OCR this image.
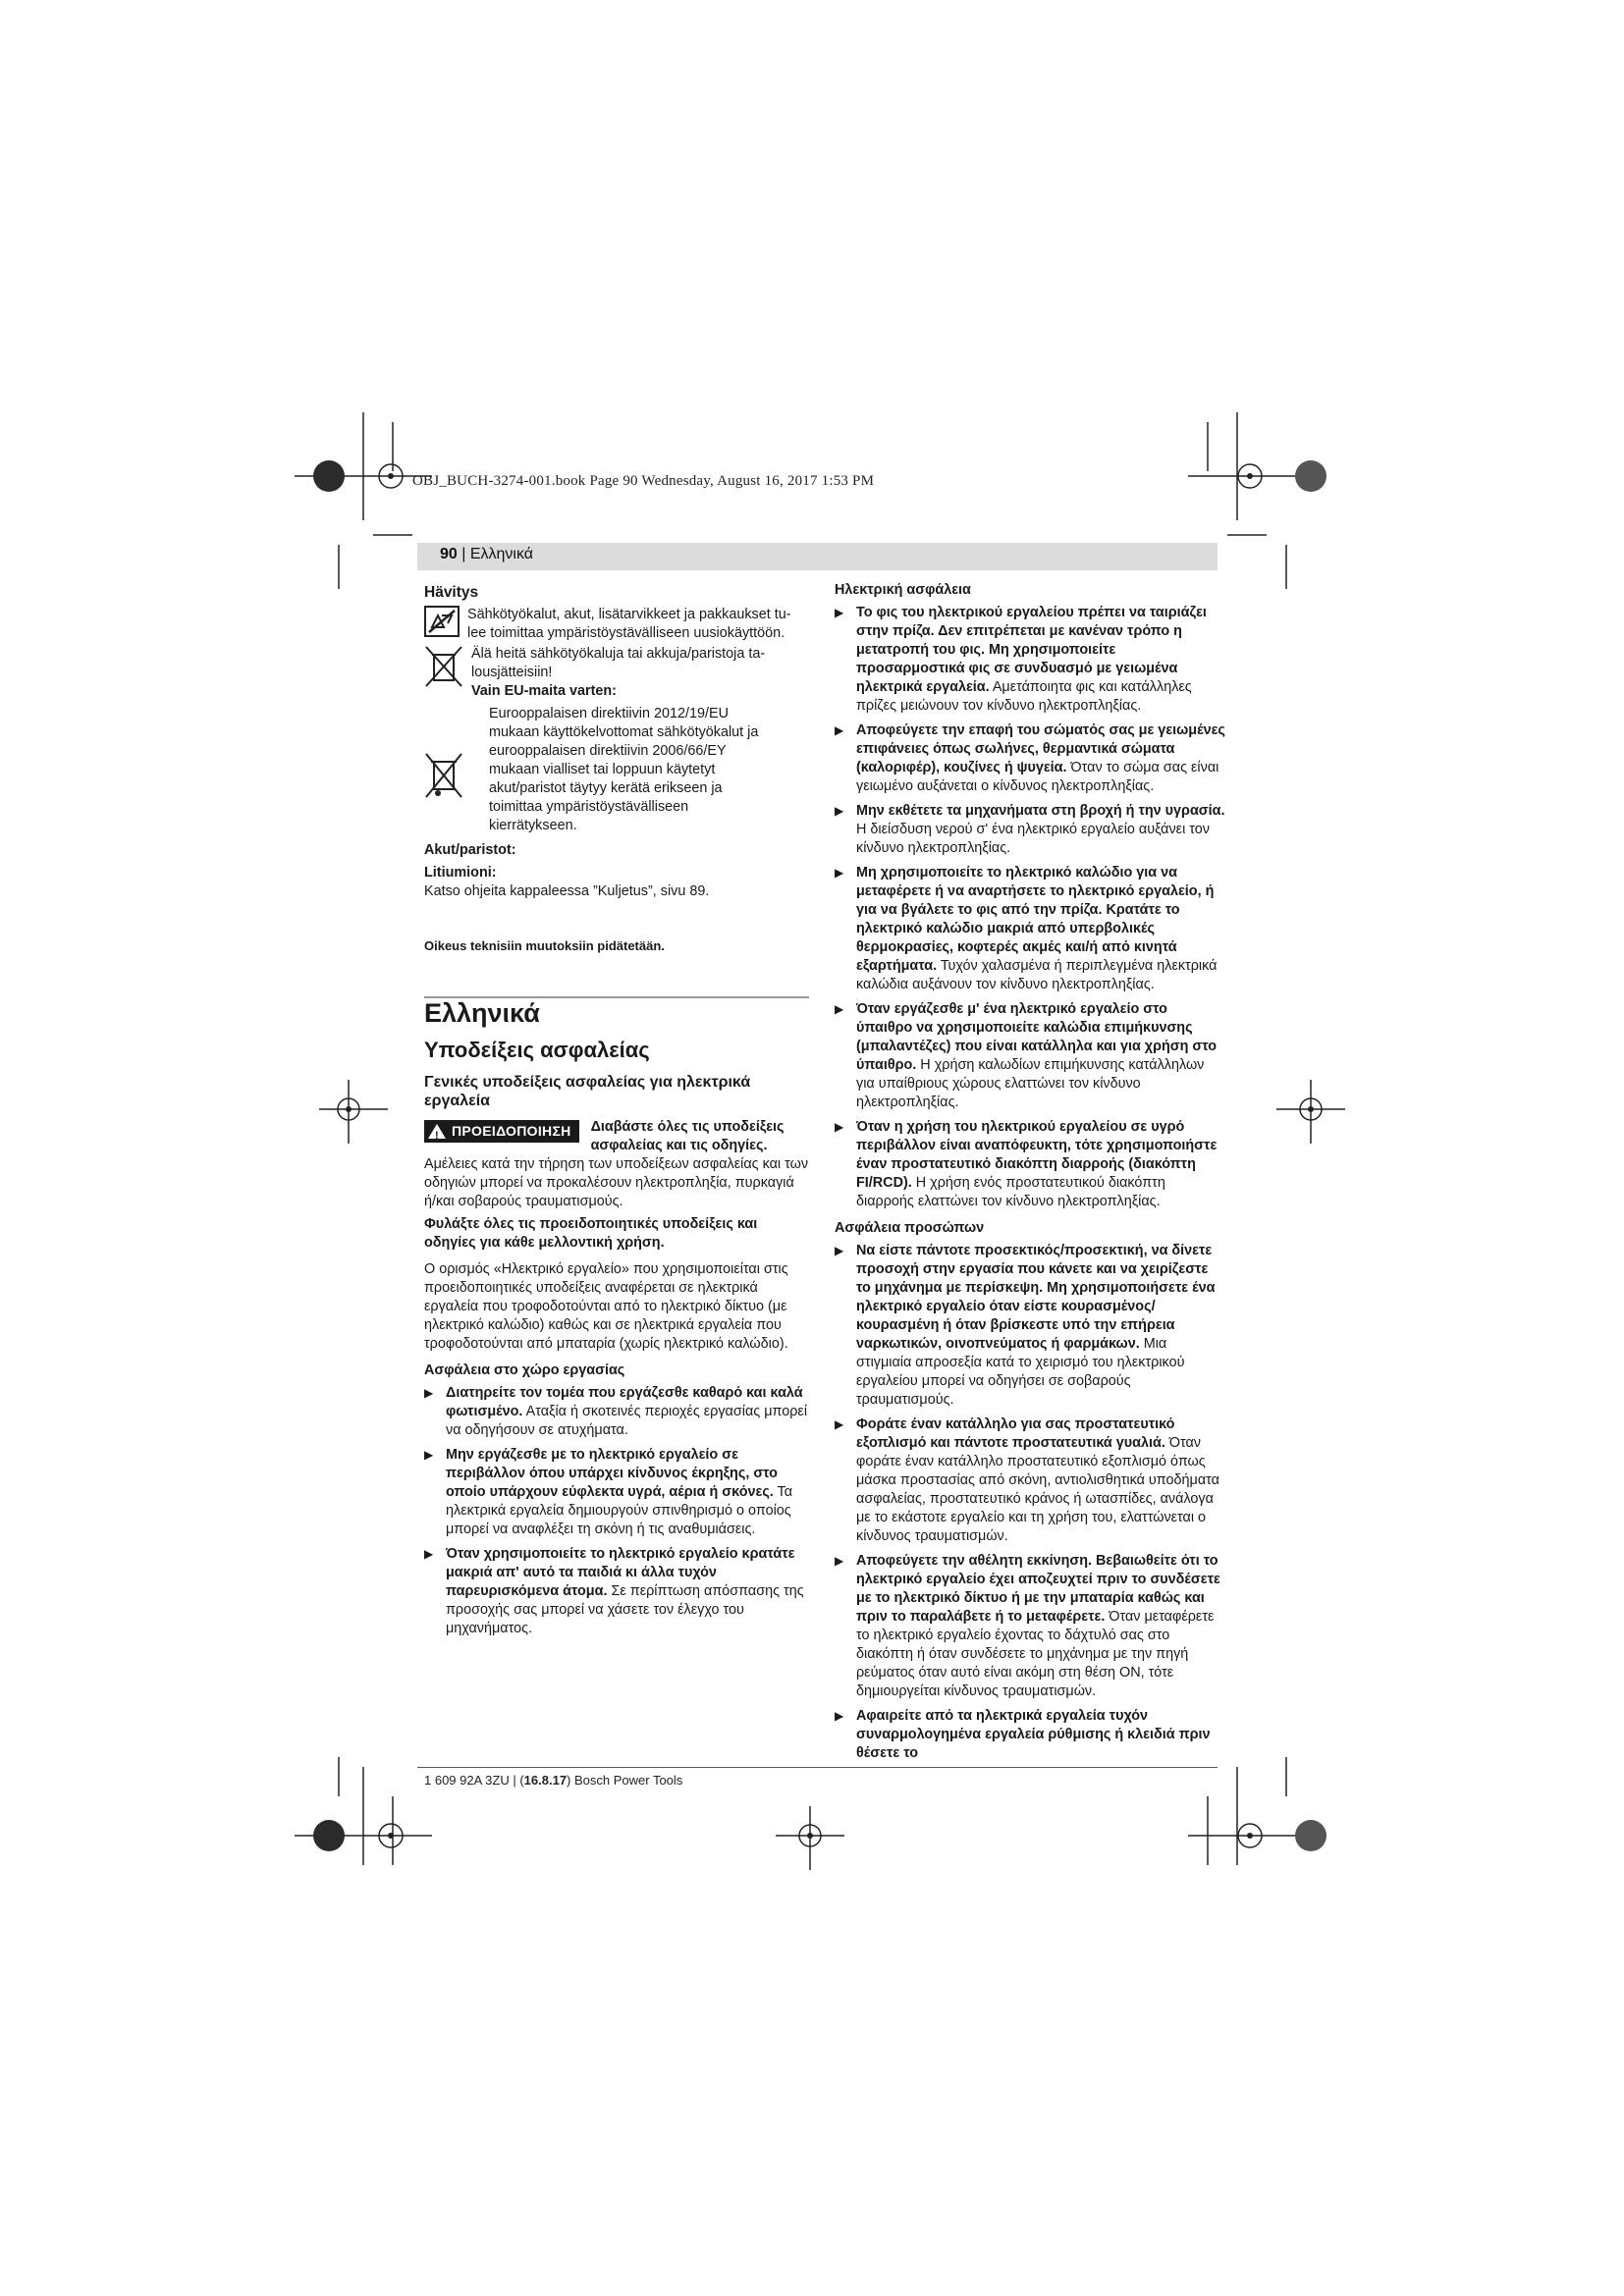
OBJ_BUCH-3274-001.book Page 90 Wednesday, August 16, 2017 1:53 PM
90 | Ελληνικά

Hävitys

Sähkötyökalut, akut, lisätarvikkeet ja pakkaukset tu-lee toimittaa ympäristöystävälliseen uusiokäyttöön.

Älä heitä sähkötyökaluja tai akkuja/paristoja ta-lousjätteisiin!

Vain EU-maita varten:

Eurooppalaisen direktiivin 2012/19/EU mukaan käyttökelvottomat sähkötyökalut ja eurooppalaisen direktiivin 2006/66/EY mukaan vialliset tai loppuun käytetyt akut/paristot täytyy kerätä erikseen ja toimittaa ympäristöystävälliseen kierrätykseen.

Akut/paristot:

Litiumioni:

Katso ohjeita kappaleessa ”Kuljetus”, sivu 89.

Oikeus teknisiin muutoksiin pidätetään.

Ελληνικά

Υποδείξεις ασφαλείας

Γενικές υποδείξεις ασφαλείας για ηλεκτρικά εργαλεία

! ΠΡΟΕΙΔΟΠΟΙΗΣΗ	Διαβάστε όλες τις υποδείξεις ασφαλείας και τις οδηγίες. Αμέλειες κατά την τήρηση των υποδείξεων ασφαλείας και των οδηγιών μπορεί να προκαλέσουν ηλεκτροπληξία, πυρκαγιά ή/και σοβαρούς τραυματισμούς.

Φυλάξτε όλες τις προειδοποιητικές υποδείξεις και οδηγίες για κάθε μελλοντική χρήση.

Ο ορισμός «Ηλεκτρικό εργαλείο» που χρησιμοποιείται στις προειδοποιητικές υποδείξεις αναφέρεται σε ηλεκτρικά εργαλεία που τροφοδοτούνται από το ηλεκτρικό δίκτυο (με ηλεκτρικό καλώδιο) καθώς και σε ηλεκτρικά εργαλεία που τροφοδοτούνται από μπαταρία (χωρίς ηλεκτρικό καλώδιο).

Ασφάλεια στο χώρο εργασίας

▶ Διατηρείτε τον τομέα που εργάζεσθε καθαρό και καλά φωτισμένο. Αταξία ή σκοτεινές περιοχές εργασίας μπορεί να οδηγήσουν σε ατυχήματα.
▶ Μην εργάζεσθε με το ηλεκτρικό εργαλείο σε περιβάλλον όπου υπάρχει κίνδυνος έκρηξης, στο οποίο υπάρχουν εύφλεκτα υγρά, αέρια ή σκόνες. Τα ηλεκτρικά εργαλεία δημιουργούν σπινθηρισμό ο οποίος μπορεί να αναφλέξει τη σκόνη ή τις αναθυμιάσεις.
▶ Όταν χρησιμοποιείτε το ηλεκτρικό εργαλείο κρατάτε μακριά απ' αυτό τα παιδιά κι άλλα τυχόν παρευρισκόμενα άτομα. Σε περίπτωση απόσπασης της προσοχής σας μπορεί να χάσετε τον έλεγχο του μηχανήματος.

Ηλεκτρική ασφάλεια

▶ Το φις του ηλεκτρικού εργαλείου πρέπει να ταιριάζει στην πρίζα. Δεν επιτρέπεται με κανέναν τρόπο η μετατροπή του φις. Μη χρησιμοποιείτε προσαρμοστικά φις σε συνδυασμό με γειωμένα ηλεκτρικά εργαλεία. Αμετάποιητα φις και κατάλληλες πρίζες μειώνουν τον κίνδυνο ηλεκτροπληξίας.
▶ Αποφεύγετε την επαφή του σώματός σας με γειωμένες επιφάνειες όπως σωλήνες, θερμαντικά σώματα (καλοριφέρ), κουζίνες ή ψυγεία. Όταν το σώμα σας είναι γειωμένο αυξάνεται ο κίνδυνος ηλεκτροπληξίας.
▶ Μην εκθέτετε τα μηχανήματα στη βροχή ή την υγρασία. Η διείσδυση νερού σ' ένα ηλεκτρικό εργαλείο αυξάνει τον κίνδυνο ηλεκτροπληξίας.
▶ Μη χρησιμοποιείτε το ηλεκτρικό καλώδιο για να μεταφέρετε ή να αναρτήσετε το ηλεκτρικό εργαλείο, ή για να βγάλετε το φις από την πρίζα. Κρατάτε το ηλεκτρικό καλώδιο μακριά από υπερβολικές θερμοκρασίες, κοφτερές ακμές και/ή από κινητά εξαρτήματα. Τυχόν χαλασμένα ή περιπλεγμένα ηλεκτρικά καλώδια αυξάνουν τον κίνδυνο ηλεκτροπληξίας.
▶ Όταν εργάζεσθε μ' ένα ηλεκτρικό εργαλείο στο ύπαιθρο να χρησιμοποιείτε καλώδια επιμήκυνσης (μπαλαντέζες) που είναι κατάλληλα και για χρήση στο ύπαιθρο. Η χρήση καλωδίων επιμήκυνσης κατάλληλων για υπαίθριους χώρους ελαττώνει τον κίνδυνο ηλεκτροπληξίας.
▶ Όταν η χρήση του ηλεκτρικού εργαλείου σε υγρό περιβάλλον είναι αναπόφευκτη, τότε χρησιμοποιήστε έναν προστατευτικό διακόπτη διαρροής (διακόπτη FI/RCD). Η χρήση ενός προστατευτικού διακόπτη διαρροής ελαττώνει τον κίνδυνο ηλεκτροπληξίας.

Ασφάλεια προσώπων

▶ Να είστε πάντοτε προσεκτικός/προσεκτική, να δίνετε προσοχή στην εργασία που κάνετε και να χειρίζεστε το μηχάνημα με περίσκεψη. Μη χρησιμοποιήσετε ένα ηλεκτρικό εργαλείο όταν είστε κουρασμένος/κουρασμένη ή όταν βρίσκεστε υπό την επήρεια ναρκωτικών, οινοπνεύματος ή φαρμάκων. Μια στιγμιαία απροσεξία κατά το χειρισμό του ηλεκτρικού εργαλείου μπορεί να οδηγήσει σε σοβαρούς τραυματισμούς.
▶ Φοράτε έναν κατάλληλο για σας προστατευτικό εξοπλισμό και πάντοτε προστατευτικά γυαλιά. Όταν φοράτε έναν κατάλληλο προστατευτικό εξοπλισμό όπως μάσκα προστασίας από σκόνη, αντιολισθητικά υποδήματα ασφαλείας, προστατευτικό κράνος ή ωτασπίδες, ανάλογα με το εκάστοτε εργαλείο και τη χρήση του, ελαττώνεται ο κίνδυνος τραυματισμών.
▶ Αποφεύγετε την αθέλητη εκκίνηση. Βεβαιωθείτε ότι το ηλεκτρικό εργαλείο έχει αποζευχτεί πριν το συνδέσετε με το ηλεκτρικό δίκτυο ή με την μπαταρία καθώς και πριν το παραλάβετε ή το μεταφέρετε. Όταν μεταφέρετε το ηλεκτρικό εργαλείο έχοντας το δάχτυλό σας στο διακόπτη ή όταν συνδέσετε το μηχάνημα με την πηγή ρεύματος όταν αυτό είναι ακόμη στη θέση ON, τότε δημιουργείται κίνδυνος τραυματισμών.
▶ Αφαιρείτε από τα ηλεκτρικά εργαλεία τυχόν συναρμολογημένα εργαλεία ρύθμισης ή κλειδιά πριν θέσετε το
1 609 92A 3ZU | (16.8.17) Bosch Power Tools
